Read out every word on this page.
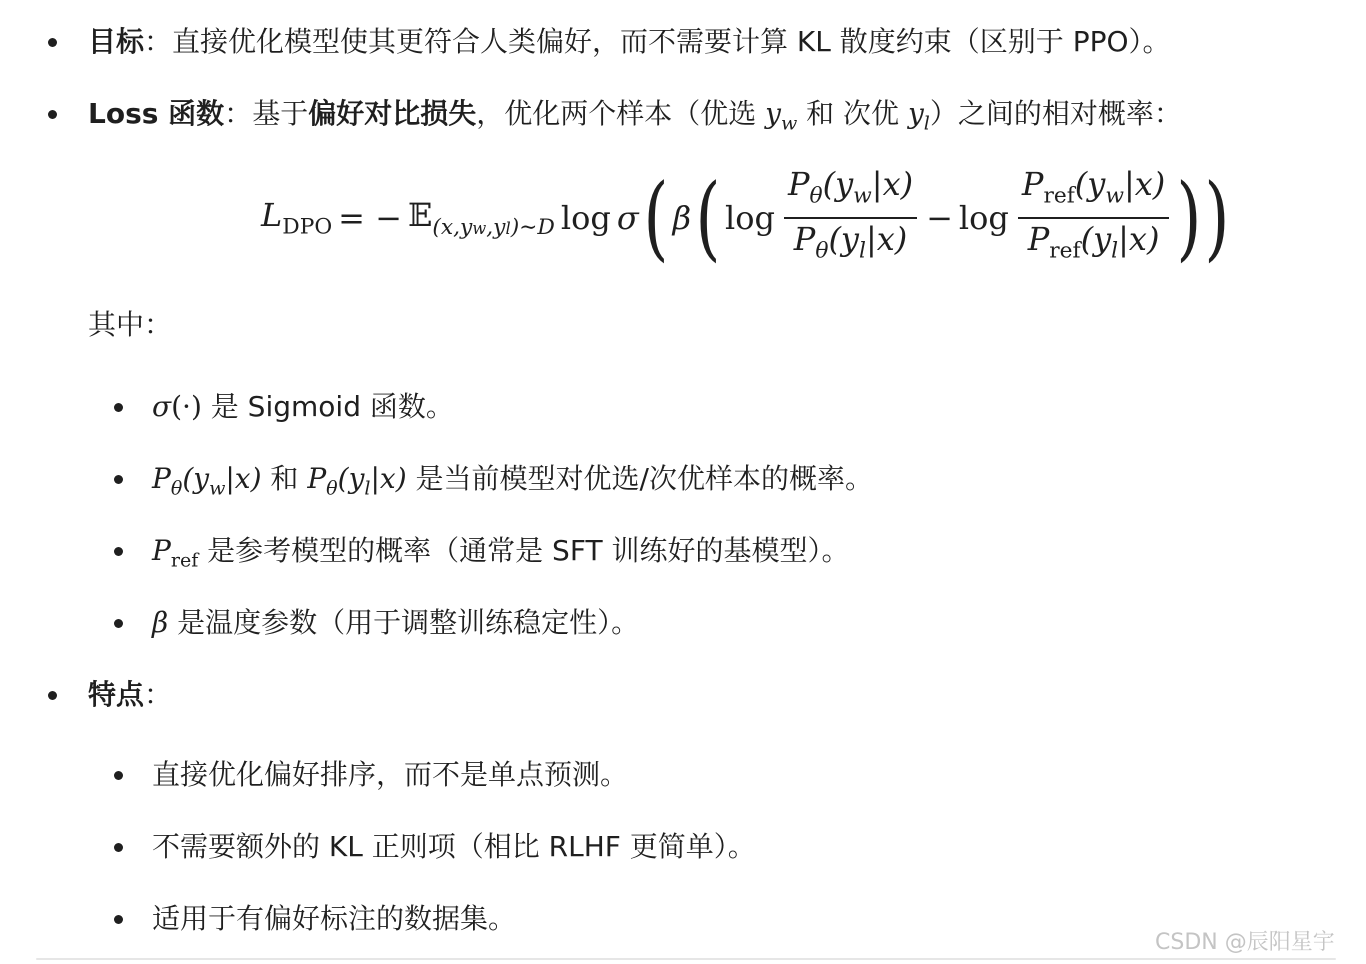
目标：直接优化模型使其更符合人类偏好，而不需要计算 KL 散度约束（区别于 PPO）。
Loss 函数：基于偏好对比损失，优化两个样本（优选 $y_w$ 和 次优 $y_l$）之间的相对概率：
$L_{DPO}$ = − 𝔼$_{(x,yw,yl)\sim D}$ log σ ( β ( $\log \frac{P_\theta(y_w|x)}{P_\theta(y_l|x)} - \log \frac{P_{ref}(y_w|x)}{P_{ref}(y_l|x)}$ ) )
其中：
σ(·) 是 Sigmoid 函数。
$P_\theta(y_w|x)$ 和 $P_\theta(y_l|x)$ 是当前模型对优选/次优样本的概率。
$P_{ref}$ 是参考模型的概率（通常是 SFT 训练好的基模型）。
β 是温度参数（用于调整训练稳定性）。
特点：
直接优化偏好排序，而不是单点预测。
不需要额外的 KL 正则项（相比 RLHF 更简单）。
适用于有偏好标注的数据集。
CSDN @辰阳星宇
